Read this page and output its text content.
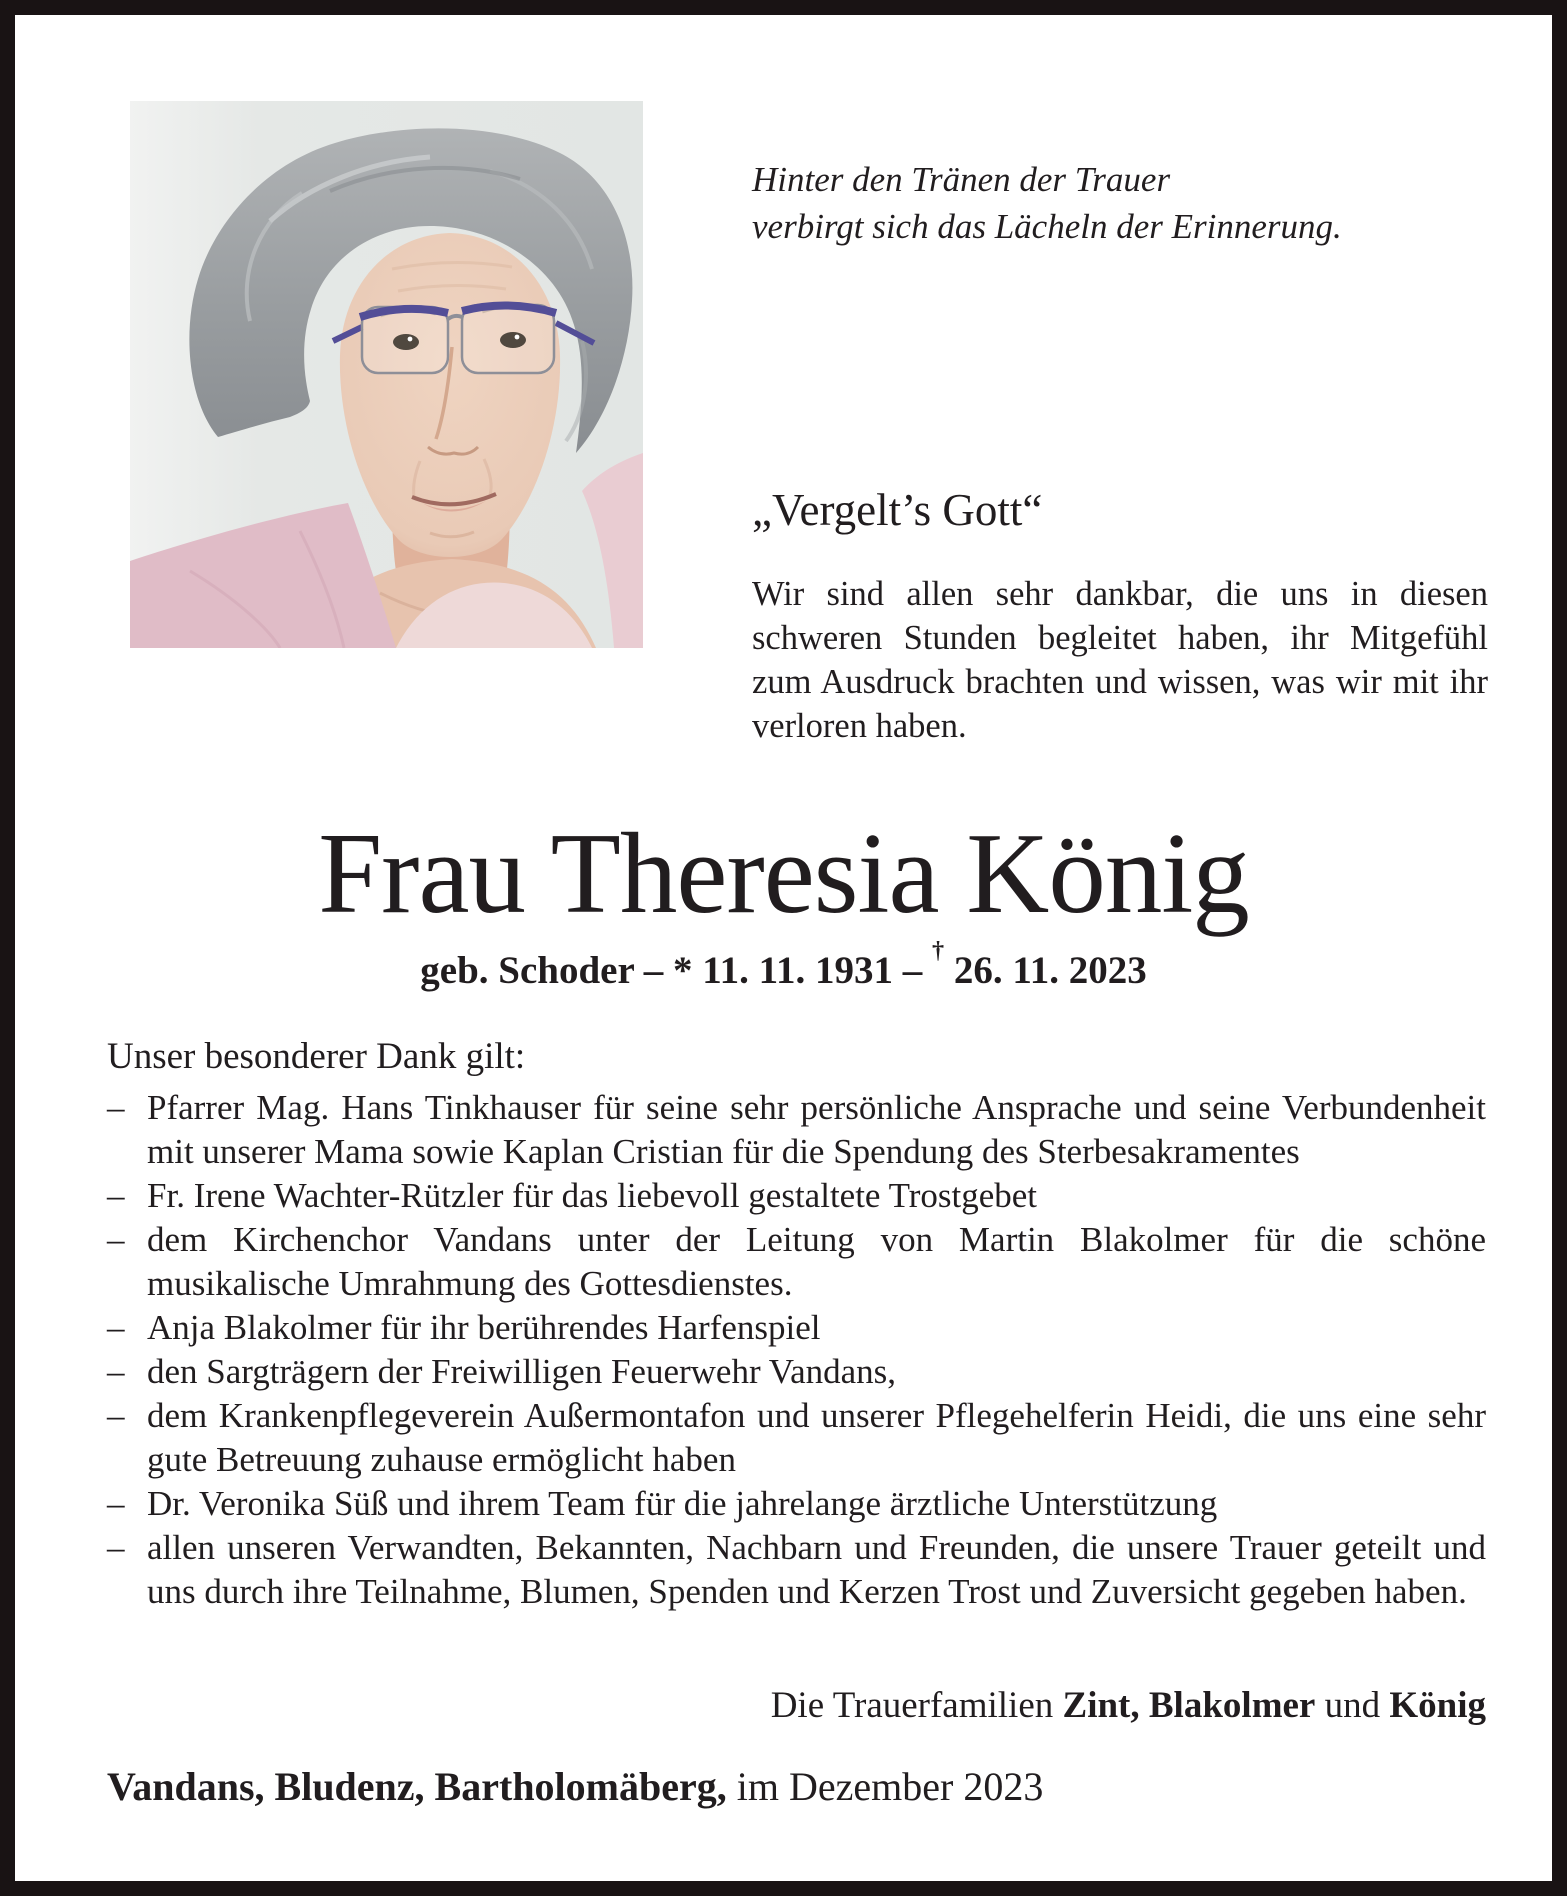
Hinter den Tränen der Trauer
verbirgt sich das Lächeln der Erinnerung.
„Vergelt’s Gott“
Wir sind allen sehr dankbar, die uns in diesen schweren Stunden begleitet haben, ihr Mitgefühl zum Ausdruck brachten und wissen, was wir mit ihr verloren haben.
Frau Theresia König
geb. Schoder – * 11. 11. 1931 – † 26. 11. 2023

Unser besonderer Dank gilt:

– Pfarrer Mag. Hans Tinkhauser für seine sehr persönliche Ansprache und seine Verbundenheit mit unserer Mama sowie Kaplan Cristian für die Spendung des Sterbesakramentes
– Fr. Irene Wachter-Rützler für das liebevoll gestaltete Trostgebet
– dem Kirchenchor Vandans unter der Leitung von Martin Blakolmer für die schöne musikalische Umrahmung des Gottesdienstes.
– Anja Blakolmer für ihr berührendes Harfenspiel
– den Sargträgern der Freiwilligen Feuerwehr Vandans,
– dem Krankenpflegeverein Außermontafon und unserer Pflegehelferin Heidi, die uns eine sehr gute Betreuung zuhause ermöglicht haben
– Dr. Veronika Süß und ihrem Team für die jahrelange ärztliche Unterstützung
– allen unseren Verwandten, Bekannten, Nachbarn und Freunden, die unsere Trauer geteilt und uns durch ihre Teilnahme, Blumen, Spenden und Kerzen Trost und Zuversicht gegeben haben.
Die Trauerfamilien Zint, Blakolmer und König
Vandans, Bludenz, Bartholomäberg, im Dezember 2023
